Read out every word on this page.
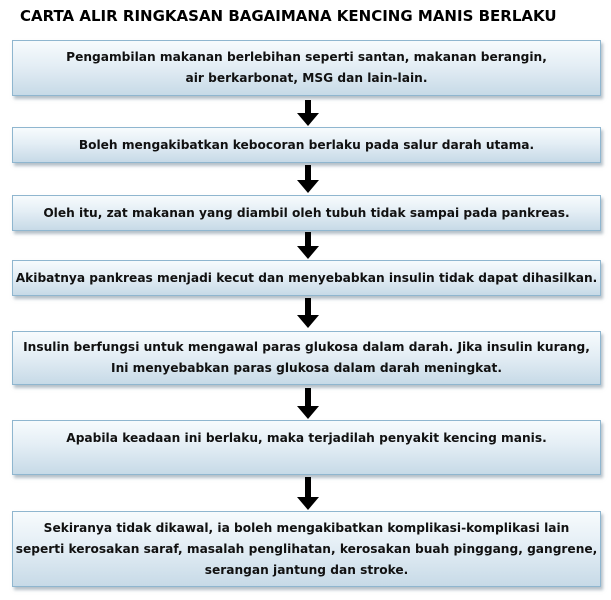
CARTA ALIR RINGKASAN BAGAIMANA KENCING MANIS BERLAKU
Pengambilan makanan berlebihan seperti santan, makanan berangin,
air berkarbonat, MSG dan lain-lain.
Boleh mengakibatkan kebocoran berlaku pada salur darah utama.
Oleh itu, zat makanan yang diambil oleh tubuh tidak sampai pada pankreas.
Akibatnya pankreas menjadi kecut dan menyebabkan insulin tidak dapat dihasilkan.
Insulin berfungsi untuk mengawal paras glukosa dalam darah. Jika insulin kurang,
Ini menyebabkan paras glukosa dalam darah meningkat.
Apabila keadaan ini berlaku, maka terjadilah penyakit kencing manis.
Sekiranya tidak dikawal, ia boleh mengakibatkan komplikasi-komplikasi lain
seperti kerosakan saraf, masalah penglihatan, kerosakan buah pinggang, gangrene,
serangan jantung dan stroke.
